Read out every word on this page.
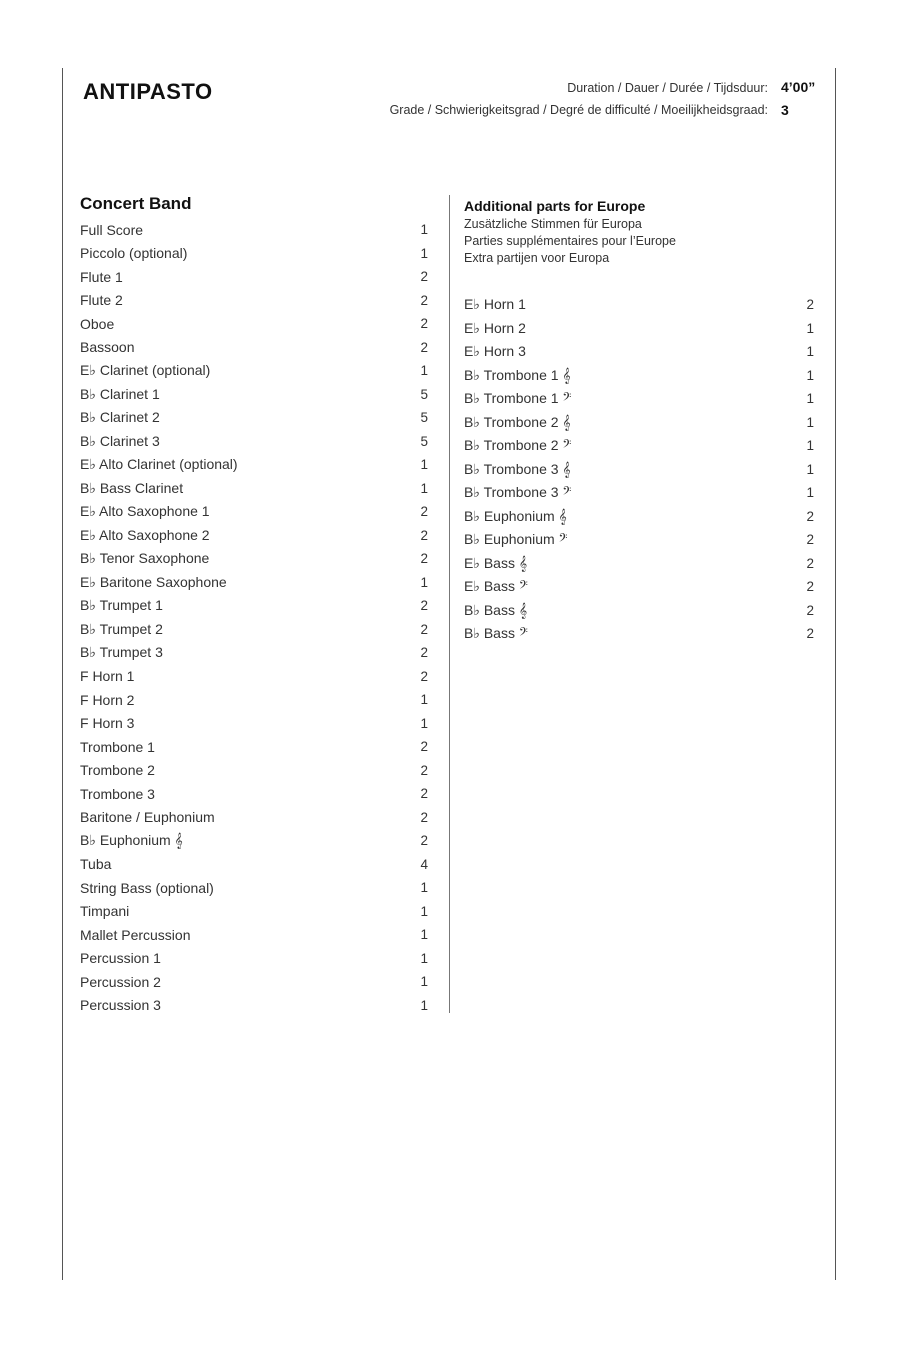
ANTIPASTO	Duration / Dauer / Durée / Tijdsduur: 4’00”
Grade / Schwierigkeitsgrad / Degré de difficulté / Moeilijkheidsgraad: 3
Concert Band
Full Score	1
Piccolo (optional)	1
Flute 1	2
Flute 2	2
Oboe	2
Bassoon	2
E♭ Clarinet (optional)	1
B♭ Clarinet 1	5
B♭ Clarinet 2	5
B♭ Clarinet 3	5
E♭ Alto Clarinet (optional)	1
B♭ Bass Clarinet	1
E♭ Alto Saxophone 1	2
E♭ Alto Saxophone 2	2
B♭ Tenor Saxophone	2
E♭ Baritone Saxophone	1
B♭ Trumpet 1	2
B♭ Trumpet 2	2
B♭ Trumpet 3	2
F Horn 1	2
F Horn 2	1
F Horn 3	1
Trombone 1	2
Trombone 2	2
Trombone 3	2
Baritone / Euphonium	2
B♭ Euphonium 𝄞	2
Tuba	4
String Bass (optional)	1
Timpani	1
Mallet Percussion	1
Percussion 1	1
Percussion 2	1
Percussion 3	1
Additional parts for Europe
Zusätzliche Stimmen für Europa
Parties supplémentaires pour l’Europe
Extra partijen voor Europa
E♭ Horn 1	2
E♭ Horn 2	1
E♭ Horn 3	1
B♭ Trombone 1 𝄞	1
B♭ Trombone 1 𝄢	1
B♭ Trombone 2 𝄞	1
B♭ Trombone 2 𝄢	1
B♭ Trombone 3 𝄞	1
B♭ Trombone 3 𝄢	1
B♭ Euphonium 𝄞	2
B♭ Euphonium 𝄢	2
E♭ Bass 𝄞	2
E♭ Bass 𝄢	2
B♭ Bass 𝄞	2
B♭ Bass 𝄢	2
